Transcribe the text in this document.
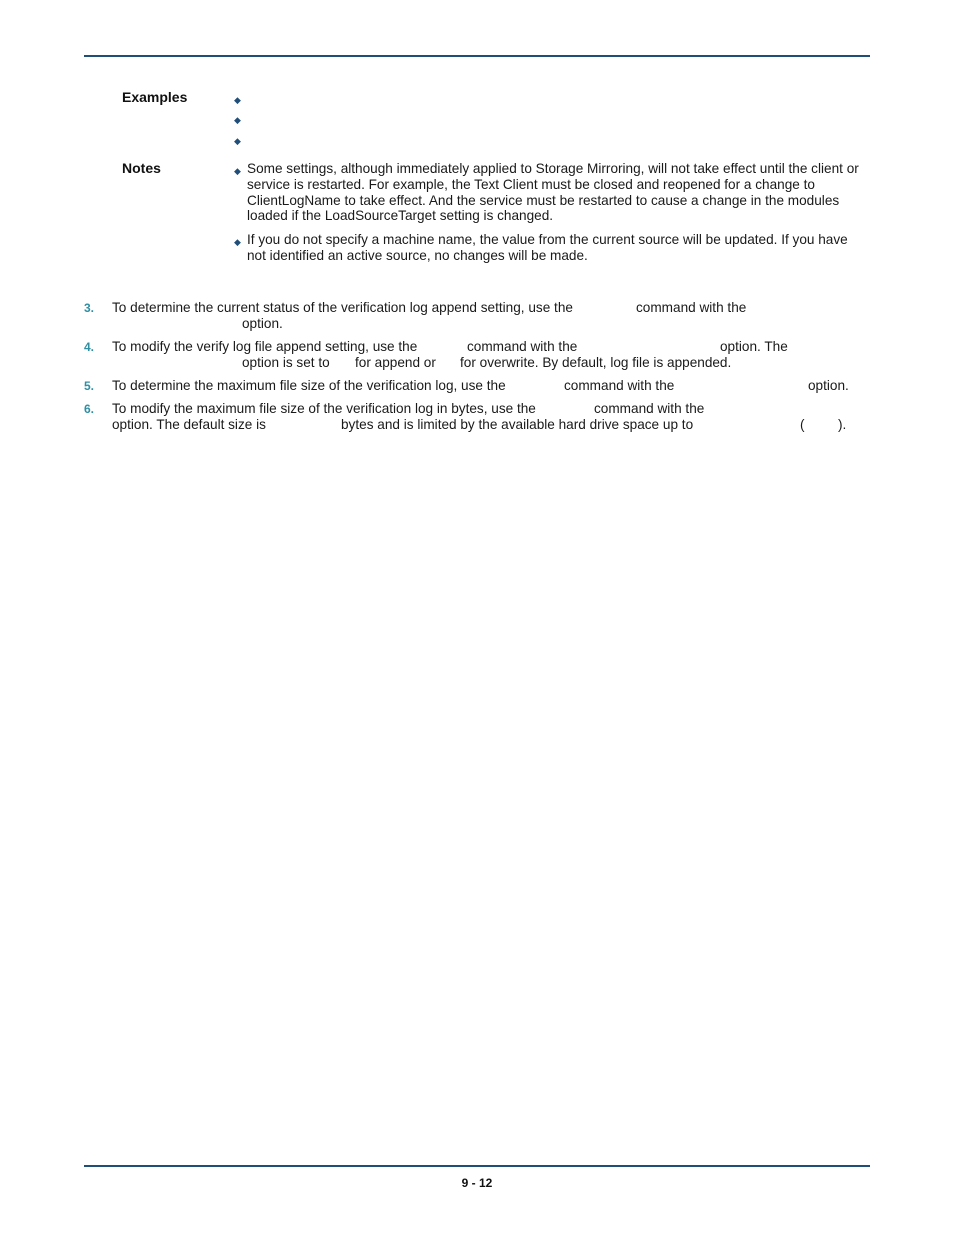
Examples	◆
◆
◆
Notes	◆ Some settings, although immediately applied to Storage Mirroring, will not take effect until the client or service is restarted. For example, the Text Client must be closed and reopened for a change to ClientLogName to take effect. And the service must be restarted to cause a change in the modules loaded if the LoadSourceTarget setting is changed.

◆ If you do not specify a machine name, the value from the current source will be updated. If you have not identified an active source, no changes will be made.

3. To determine the current status of the verification log append setting, use the	command with the
option.
4. To modify the verify log file append setting, use the	command with the	option. The
option is set to for append or for overwrite. By default, log file is appended.
5. To determine the maximum file size of the verification log, use the	command with the	option.
6. To modify the maximum file size of the verification log in bytes, use the	command with the
option. The default size is	bytes and is limited by the available hard drive space up to	( ).
9 - 12
